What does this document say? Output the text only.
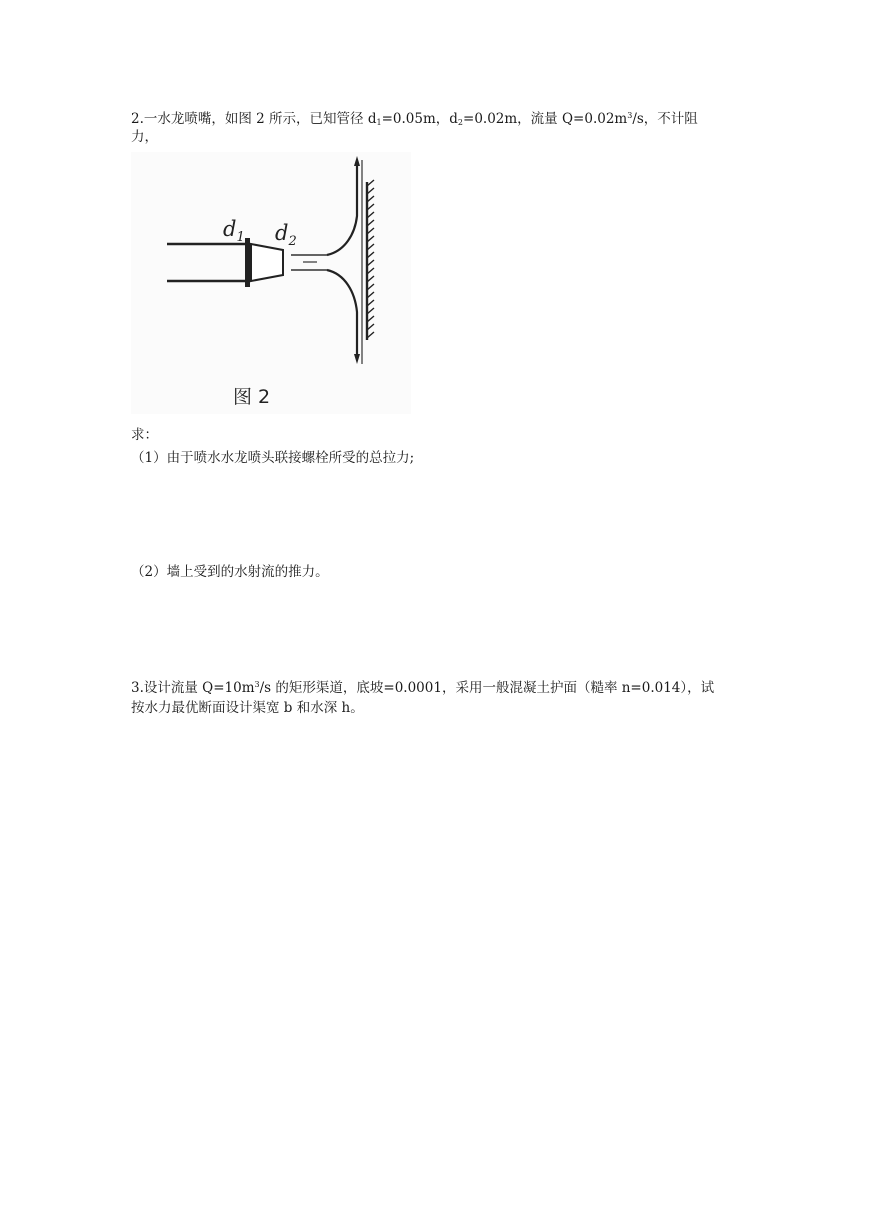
2.一水龙喷嘴，如图 2 所示，已知管径 $d_1=0.05m$，$d_2=0.02m$，流量 $Q=0.02m^3/s$，不计阻
力，
$d_1$ $d_2$
图 2
求：
（1）由于喷水水龙喷头联接螺栓所受的总拉力;
（2）墙上受到的水射流的推力。
3.设计流量 $Q=10m^3/s$ 的矩形渠道，底坡=0.0001，采用一般混凝土护面（糙率 n=0.014），试
按水力最优断面设计渠宽 b 和水深 h。
